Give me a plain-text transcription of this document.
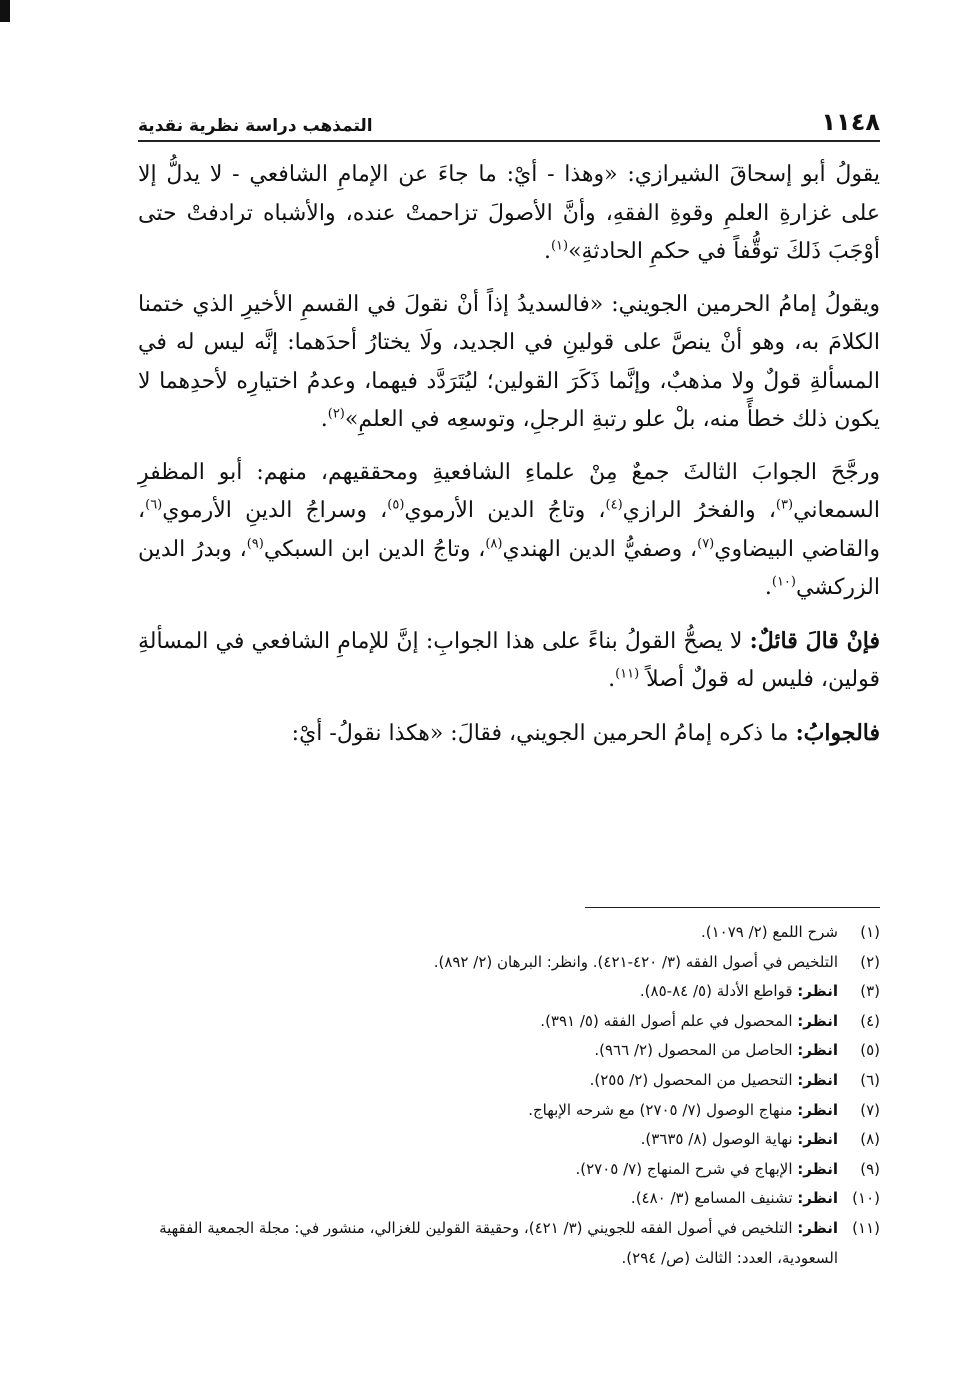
١١٤٨
التمذهب دراسة نظرية نقدية

يقولُ أبو إسحاقَ الشيرازي: «وهذا - أيْ: ما جاءَ عن الإمامِ الشافعي - لا يدلُّ إلا على غزارةِ العلمِ وقوةِ الفقهِ، وأنَّ الأصولَ تزاحمتْ عنده، والأشباه ترادفتْ حتى أوْجَبَ ذَلكَ توقُّفاً في حكمِ الحادثةِ»$^{(١)}$.

ويقولُ إمامُ الحرمين الجويني: «فالسديدُ إذاً أنْ نقولَ في القسمِ الأخيرِ الذي ختمنا الكلامَ به، وهو أنْ ينصَّ على قولينِ في الجديد، ولَا يختارُ أحدَهما: إنَّه ليس له في المسألةِ قولٌ ولا مذهبٌ، وإنَّما ذَكَرَ القولين؛ ليُتَرَدَّد فيهما، وعدمُ اختيارِه لأحدِهما لا يكون ذلك خطأً منه، بلْ علو رتبةِ الرجلِ، وتوسعِه في العلمِ»$^{(٢)}$.

ورجَّحَ الجوابَ الثالثَ جمعٌ مِنْ علماءِ الشافعيةِ ومحققيهم، منهم: أبو المظفرِ السمعاني$^{(٣)}$، والفخرُ الرازي$^{(٤)}$، وتاجُ الدين الأرموي$^{(٥)}$، وسراجُ الدينِ الأرموي$^{(٦)}$، والقاضي البيضاوي$^{(٧)}$، وصفيُّ الدين الهندي$^{(٨)}$، وتاجُ الدين ابن السبكي$^{(٩)}$، وبدرُ الدين الزركشي$^{(١٠)}$.

فإنْ قالَ قائلٌ: لا يصحُّ القولُ بناءً على هذا الجوابِ: إنَّ للإمامِ الشافعي في المسألةِ قولين، فليس له قولٌ أصلاً $^{(١١)}$.

فالجوابُ: ما ذكره إمامُ الحرمين الجويني، فقالَ: «هكذا نقولُ- أيْ:

(١)
شرح اللمع (٢/ ١٠٧٩).
(٢)
التلخيص في أصول الفقه (٣/ ٤٢٠-٤٢١). وانظر: البرهان (٢/ ٨٩٢).
(٣)
انظر: قواطع الأدلة (٥/ ٨٤-٨٥).
(٤)
انظر: المحصول في علم أصول الفقه (٥/ ٣٩١).
(٥)
انظر: الحاصل من المحصول (٢/ ٩٦٦).
(٦)
انظر: التحصيل من المحصول (٢/ ٢٥٥).
(٧)
انظر: منهاج الوصول (٧/ ٢٧٠٥) مع شرحه الإبهاج.
(٨)
انظر: نهاية الوصول (٨/ ٣٦٣٥).
(٩)
انظر: الإبهاج في شرح المنهاج (٧/ ٢٧٠٥).
(١٠)
انظر: تشنيف المسامع (٣/ ٤٨٠).
(١١)
انظر: التلخيص في أصول الفقه للجويني (٣/ ٤٢١)، وحقيقة القولين للغزالي، منشور في: مجلة الجمعية الفقهية السعودية، العدد: الثالث (ص/ ٢٩٤).
